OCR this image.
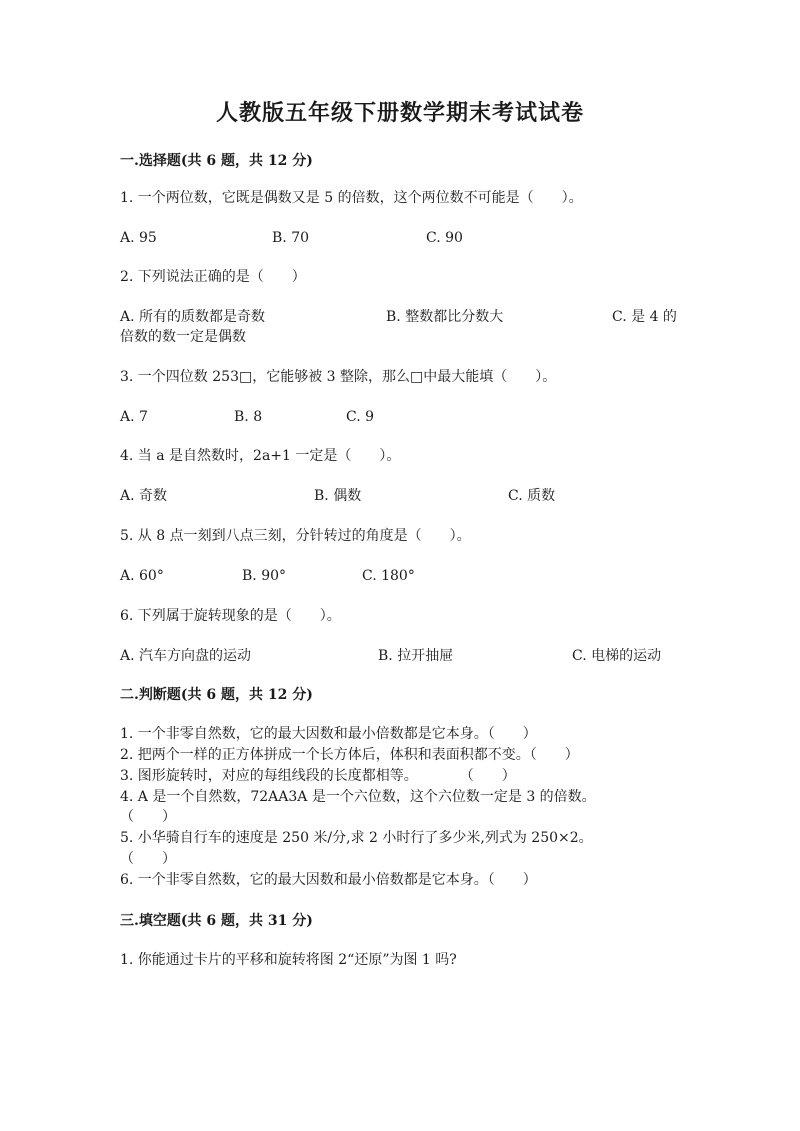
人教版五年级下册数学期末考试试卷
一.选择题(共 6 题，共 12 分)
1. 一个两位数，它既是偶数又是 5 的倍数，这个两位数不可能是（　　）。
A. 95	B. 70	C. 90
2. 下列说法正确的是（　　）
A. 所有的质数都是奇数	B. 整数都比分数大	C. 是 4 的
倍数的数一定是偶数
3. 一个四位数 253□，它能够被 3 整除，那么□中最大能填（　　）。
A. 7	B. 8	C. 9
4. 当 a 是自然数时，2a+1 一定是（　　）。
A. 奇数	B. 偶数	C. 质数
5. 从 8 点一刻到八点三刻，分针转过的角度是（　　）。
A. 60°	B. 90°	C. 180°
6. 下列属于旋转现象的是（　　）。
A. 汽车方向盘的运动	B. 拉开抽屉	C. 电梯的运动
二.判断题(共 6 题，共 12 分)
1. 一个非零自然数，它的最大因数和最小倍数都是它本身。（　　）
2. 把两个一样的正方体拼成一个长方体后，体积和表面积都不变。（　　）
3. 图形旋转时，对应的每组线段的长度都相等。　　　　（　　）
4. A 是一个自然数，72AA3A 是一个六位数，这个六位数一定是 3 的倍数。
（　　）
5. 小华骑自行车的速度是 250 米/分,求 2 小时行了多少米,列式为 250×2。
（　　）
6. 一个非零自然数，它的最大因数和最小倍数都是它本身。（　　）
三.填空题(共 6 题，共 31 分)
1. 你能通过卡片的平移和旋转将图 2“还原”为图 1 吗?
